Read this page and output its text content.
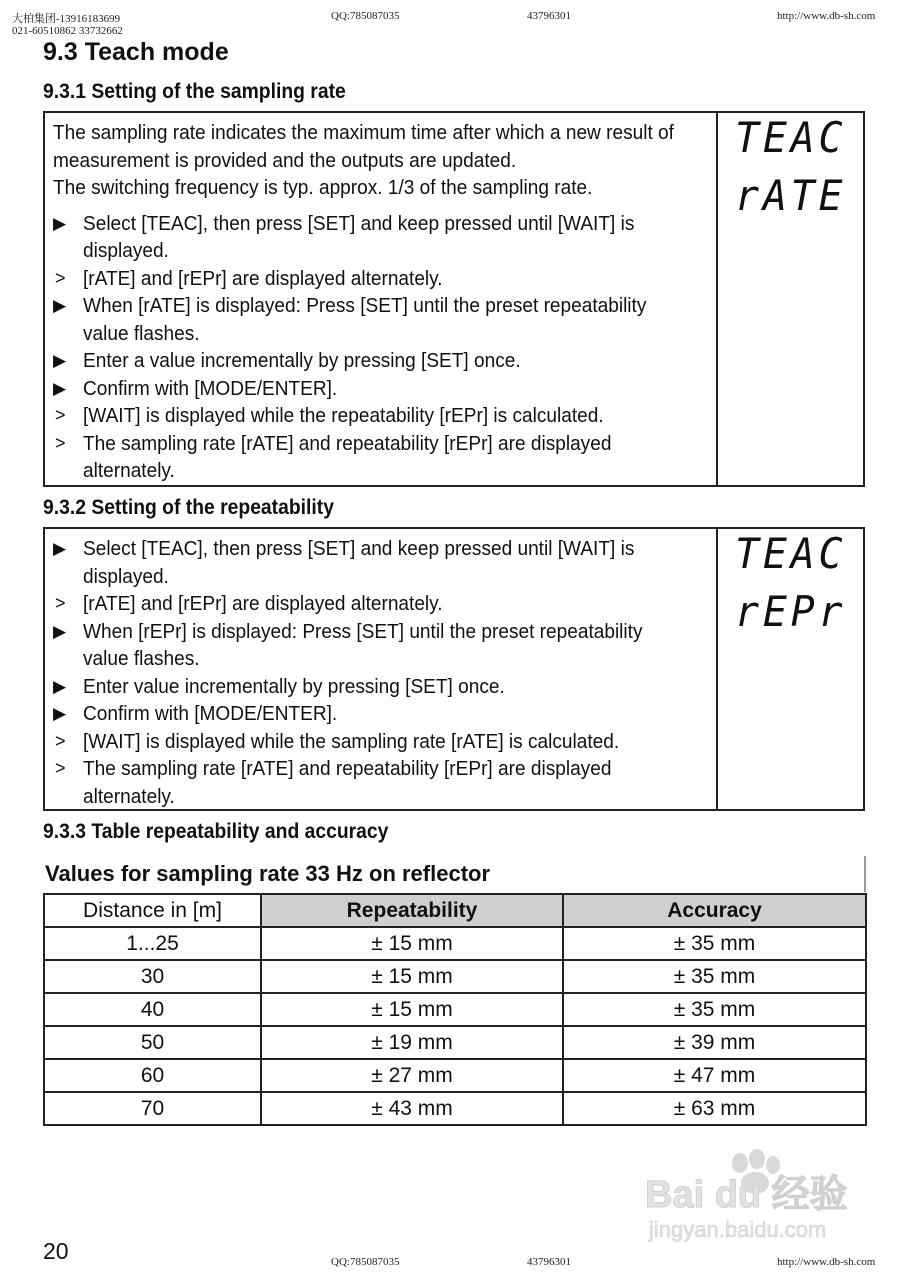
大柏集团-13916183699
021-60510862 33732662
QQ:785087035	43796301	http://www.db-sh.com
9.3 Teach mode
9.3.1 Setting of the sampling rate
The sampling rate indicates the maximum time after which a new result of
measurement is provided and the outputs are updated.
The switching frequency is typ. approx. 1/3 of the sampling rate.
▶ Select [TEAC], then press [SET] and keep pressed until [WAIT] is
displayed.
> [rATE] and [rEPr] are displayed alternately.
▶ When [rATE] is displayed: Press [SET] until the preset repeatability
value flashes.
▶ Enter a value incrementally by pressing [SET] once.
▶ Confirm with [MODE/ENTER].
> [WAIT] is displayed while the repeatability [rEPr] is calculated.
> The sampling rate [rATE] and repeatability [rEPr] are displayed
alternately.
TEAC
rATE
9.3.2 Setting of the repeatability
▶ Select [TEAC], then press [SET] and keep pressed until [WAIT] is
displayed.
> [rATE] and [rEPr] are displayed alternately.
▶ When [rEPr] is displayed: Press [SET] until the preset repeatability
value flashes.
▶ Enter value incrementally by pressing [SET] once.
▶ Confirm with [MODE/ENTER].
> [WAIT] is displayed while the sampling rate [rATE] is calculated.
> The sampling rate [rATE] and repeatability [rEPr] are displayed
alternately.
TEAC
rEPr
9.3.3 Table repeatability and accuracy
Values for sampling rate 33 Hz on reflector
Distance in [m]	Repeatability	Accuracy
1...25	± 15 mm	± 35 mm
30	± 15 mm	± 35 mm
40	± 15 mm	± 35 mm
50	± 19 mm	± 39 mm
60	± 27 mm	± 47 mm
70	± 43 mm	± 63 mm
Bai du 经验
jingyan.baidu.com
20	QQ:785087035	43796301	http://www.db-sh.com
